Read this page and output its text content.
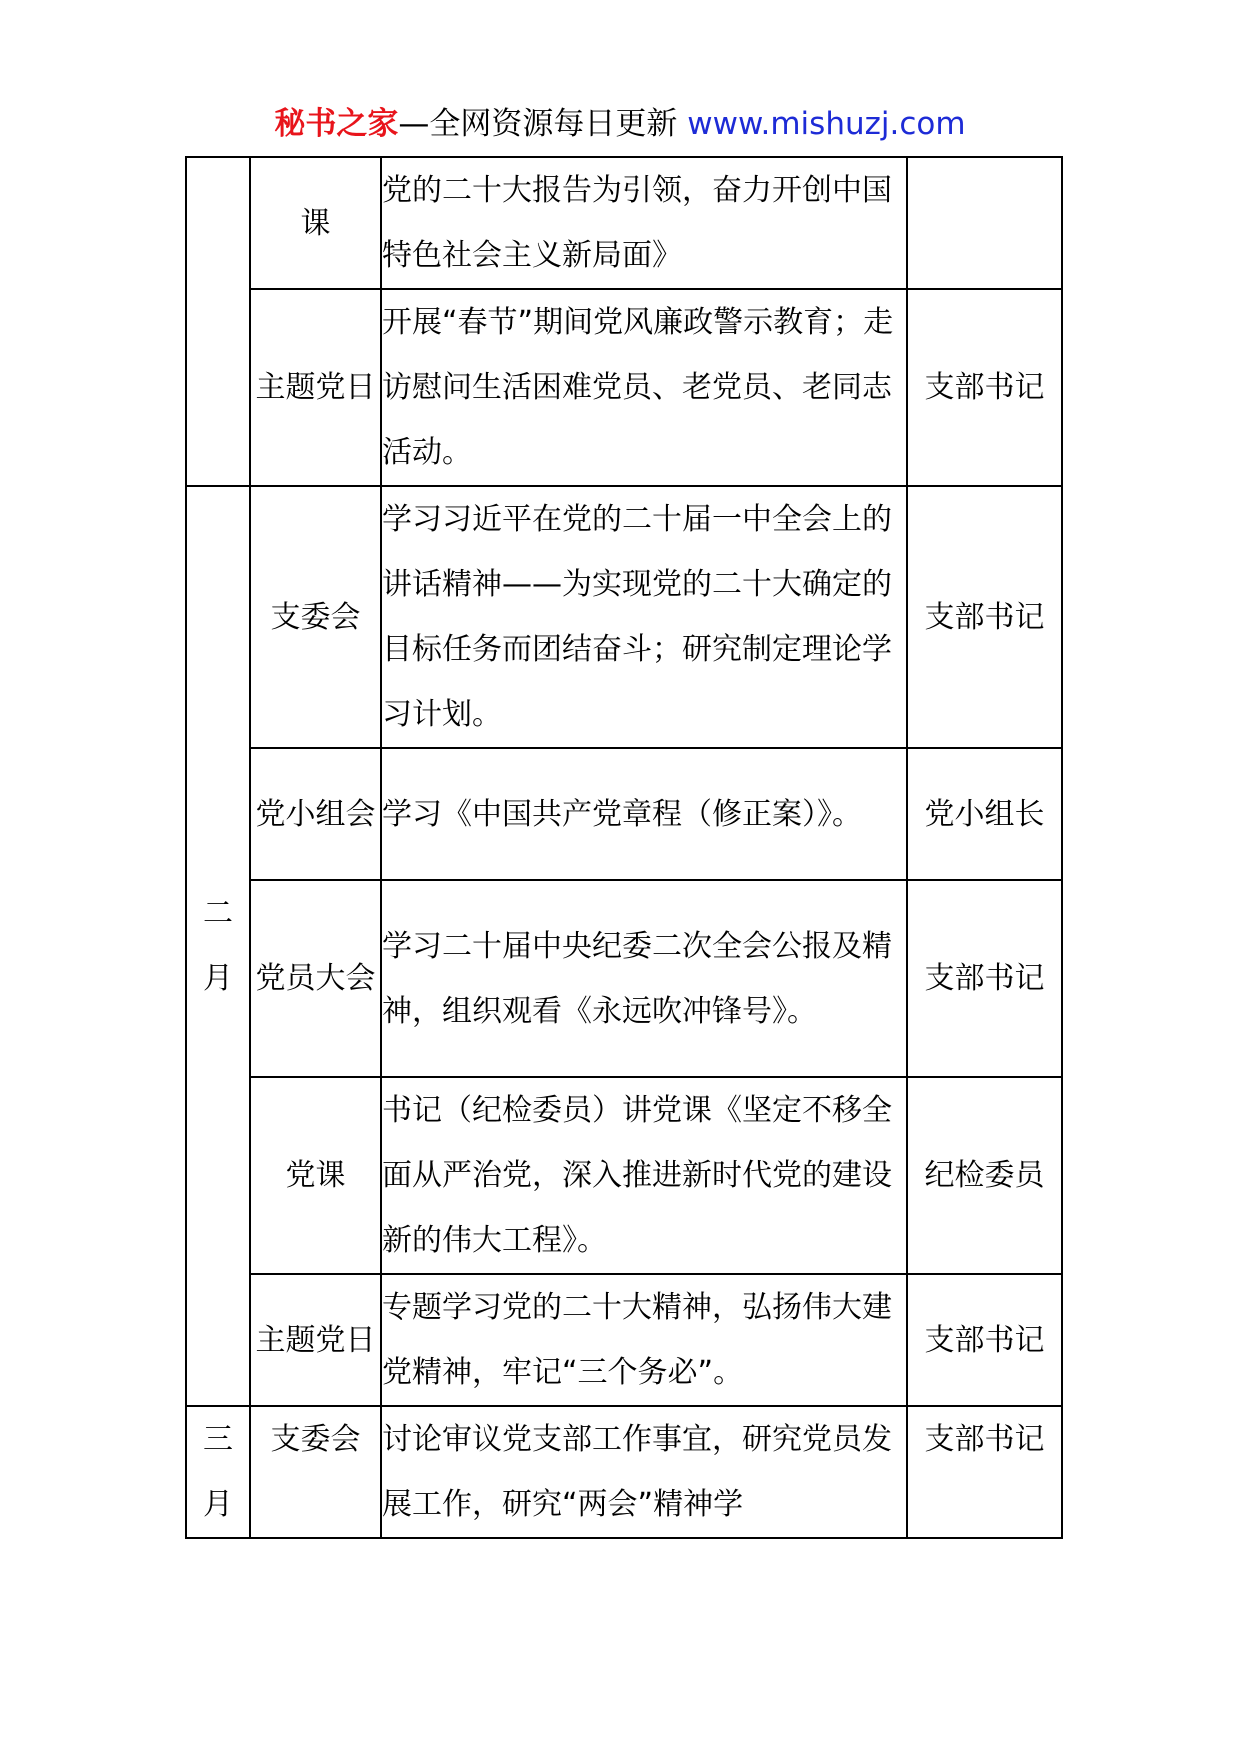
秘书之家—全网资源每日更新 www.mishuzj.com
	课	党的二十大报告为引领，奋力开创中国特色社会主义新局面》	
	主题党日	开展“春节”期间党风廉政警示教育；走访慰问生活困难党员、老党员、老同志活动。	支部书记

二月	支委会	学习习近平在党的二十届一中全会上的讲话精神——为实现党的二十大确定的目标任务而团结奋斗；研究制定理论学习计划。	支部书记
	党小组会	学习《中国共产党章程（修正案）》。	党小组长
	党员大会	学习二十届中央纪委二次全会公报及精神，组织观看《永远吹冲锋号》。	支部书记
	党课	书记（纪检委员）讲党课《坚定不移全面从严治党，深入推进新时代党的建设新的伟大工程》。	纪检委员
	主题党日	专题学习党的二十大精神，弘扬伟大建党精神，牢记“三个务必”。	支部书记

三月	支委会	讨论审议党支部工作事宜，研究党员发展工作，研究“两会”精神学	支部书记
